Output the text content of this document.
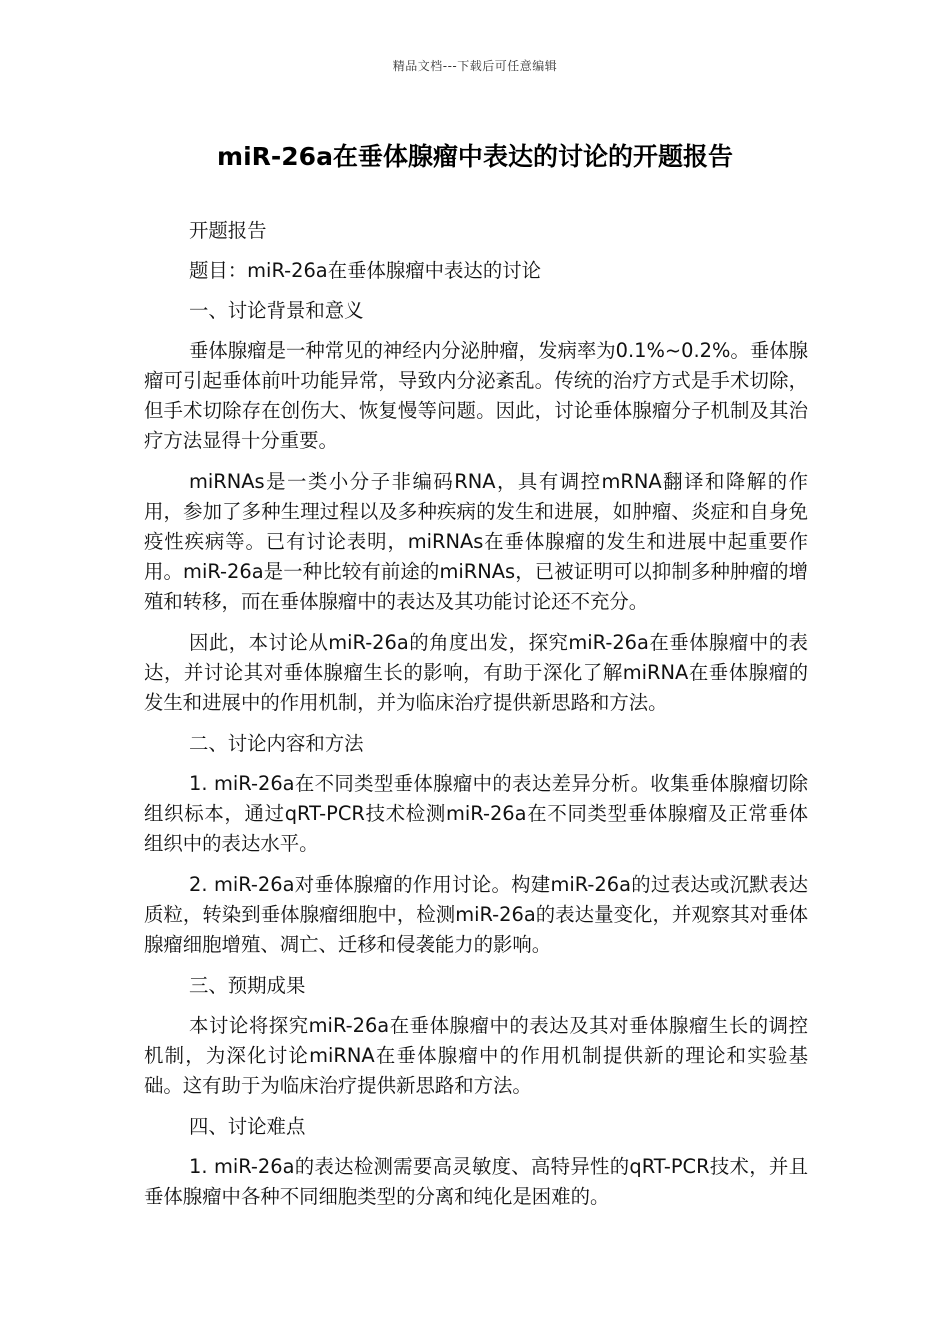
精品文档---下载后可任意编辑
miR-26a在垂体腺瘤中表达的讨论的开题报告

开题报告

题目：miR-26a在垂体腺瘤中表达的讨论

一、讨论背景和意义

垂体腺瘤是一种常见的神经内分泌肿瘤，发病率为0.1%~0.2%。垂体腺瘤可引起垂体前叶功能异常，导致内分泌紊乱。传统的治疗方式是手术切除，但手术切除存在创伤大、恢复慢等问题。因此，讨论垂体腺瘤分子机制及其治疗方法显得十分重要。

miRNAs是一类小分子非编码RNA，具有调控mRNA翻译和降解的作用，参加了多种生理过程以及多种疾病的发生和进展，如肿瘤、炎症和自身免疫性疾病等。已有讨论表明，miRNAs在垂体腺瘤的发生和进展中起重要作用。miR-26a是一种比较有前途的miRNAs，已被证明可以抑制多种肿瘤的增殖和转移，而在垂体腺瘤中的表达及其功能讨论还不充分。

因此，本讨论从miR-26a的角度出发，探究miR-26a在垂体腺瘤中的表达，并讨论其对垂体腺瘤生长的影响，有助于深化了解miRNA在垂体腺瘤的发生和进展中的作用机制，并为临床治疗提供新思路和方法。

二、讨论内容和方法

1. miR-26a在不同类型垂体腺瘤中的表达差异分析。收集垂体腺瘤切除组织标本，通过qRT-PCR技术检测miR-26a在不同类型垂体腺瘤及正常垂体组织中的表达水平。

2. miR-26a对垂体腺瘤的作用讨论。构建miR-26a的过表达或沉默表达质粒，转染到垂体腺瘤细胞中，检测miR-26a的表达量变化，并观察其对垂体腺瘤细胞增殖、凋亡、迁移和侵袭能力的影响。

三、预期成果

本讨论将探究miR-26a在垂体腺瘤中的表达及其对垂体腺瘤生长的调控机制，为深化讨论miRNA在垂体腺瘤中的作用机制提供新的理论和实验基础。这有助于为临床治疗提供新思路和方法。

四、讨论难点

1. miR-26a的表达检测需要高灵敏度、高特异性的qRT-PCR技术，并且垂体腺瘤中各种不同细胞类型的分离和纯化是困难的。
